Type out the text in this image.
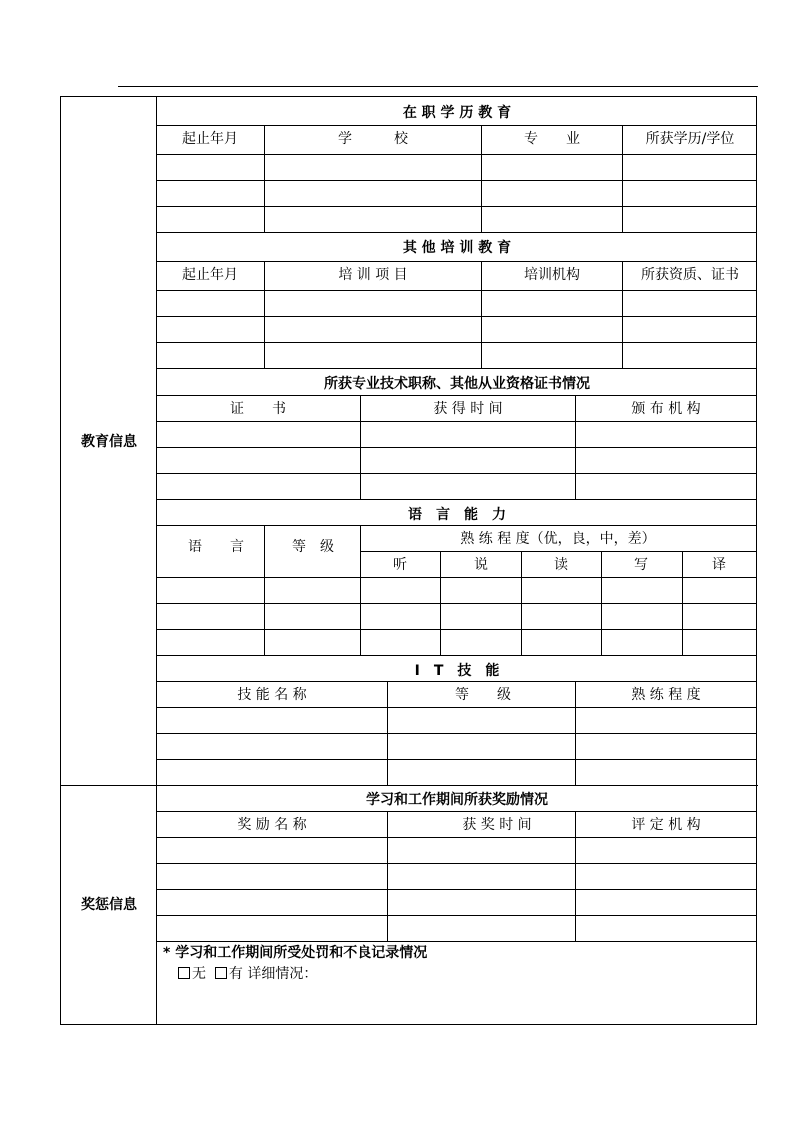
教育信息
奖惩信息
在 职 学 历 教 育
起止年月	学　　　校	专　　业	所获学历/学位
其 他 培 训 教 育
起止年月	培 训 项 目	培训机构	所获资质、证书
所获专业技术职称、其他从业资格证书情况
证　　书	获 得 时 间	颁 布 机 构
语　言　能　力
语　　言	等　级	熟 练 程 度（优，良，中，差）
听	说	读	写	译
I　T　技　能
技 能 名 称	等　　级	熟 练 程 度
学习和工作期间所获奖励情况
奖 励 名 称	获 奖 时 间	评 定 机 构
* 学习和工作期间所受处罚和不良记录情况
无 有 详细情况：
